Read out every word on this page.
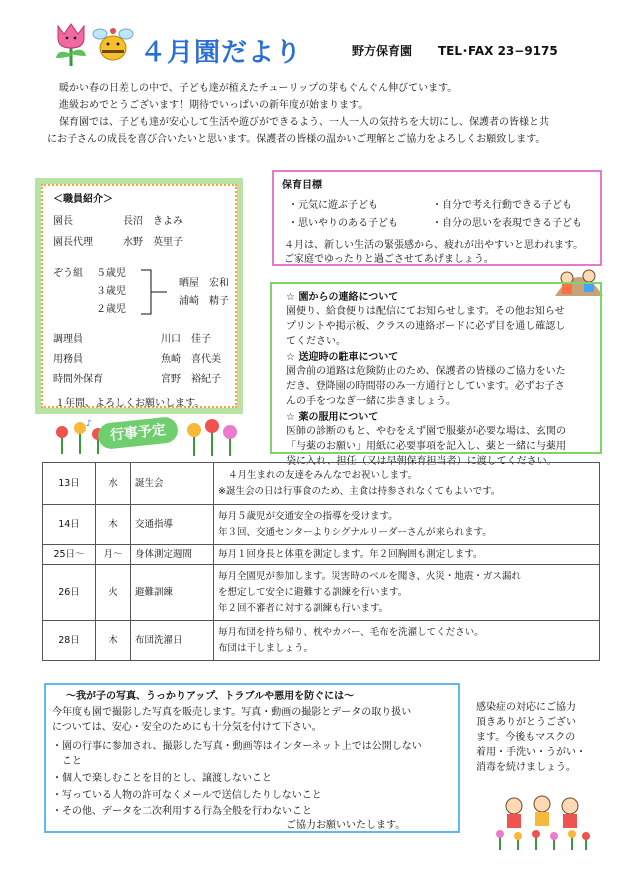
４月園だより	野方保育園 TEL･FAX 23−9175

暖かい春の日差しの中で、子ども達が植えたチューリップの芽もぐんぐん伸びています。

進級おめでとうございます！期待でいっぱいの新年度が始まります。

保育園では、子ども達が安心して生活や遊びができるよう、一人一人の気持ちを大切にし、保護者の皆様と共

にお子さんの成長を喜び合いたいと思います。保護者の皆様の温かいご理解とご協力をよろしくお願致します。

＜職員紹介＞
園長	長沼　きよみ
園長代理	水野　英里子
ぞう組 ５歳児
３歳児
２歳児
晒屋　宏和
浦崎　精子
調理員	川口　佳子
用務員	魚崎　喜代美
時間外保育	宮野　裕紀子
１年間、よろしくお願いします。
♪	行事予定
保育目標
・元気に遊ぶ子ども	・自分で考え行動できる子ども
・思いやりのある子ども	・自分の思いを表現できる子ども
４月は、新しい生活の緊張感から、疲れが出やすいと思われます。
ご家庭でゆったりと過ごさせてあげましょう。
☆ 園からの連絡について
園便り、給食便りは配信にてお知らせします。その他お知らせ
プリントや掲示板、クラスの連絡ボードに必ず目を通し確認し
てください。
☆ 送迎時の駐車について
園舎前の道路は危険防止のため、保護者の皆様のご協力をいた
だき、登降園の時間帯のみ一方通行としています。必ずお子さ
んの手をつなぎ一緒に歩きましょう。
☆ 薬の服用について
医師の診断のもと、やむをえず園で服薬が必要な場は、玄関の
「与薬のお願い」用紙に必要事項を記入し、薬と一緒に与薬用
袋に入れ、担任（又は早朝保育担当者）に渡してください。
13日	水	誕生会	４月生まれの友達をみんなでお祝いします。
※誕生会の日は行事食のため、主食は持参されなくてもよいです。

14日	木	交通指導	毎月５歳児が交通安全の指導を受けます。
年３回、交通センターよりシグナルリーダーさんが来られます。

25日～	月～	身体測定週間	毎月１回身長と体重を測定します。年２回胸囲も測定します。

26日	火	避難訓練	毎月全園児が参加します。災害時のベルを聞き、火災・地震・ガス漏れ
を想定して安全に避難する訓練を行います。
年２回不審者に対する訓練も行います。

28日	木	布団洗濯日	毎月布団を持ち帰り、枕やカバー、毛布を洗濯してください。
布団は干しましょう。
～我が子の写真、うっかりアップ、トラブルや悪用を防ぐには～
今年度も園で撮影した写真を販売します。写真・動画の撮影とデータの取り扱い
については、安心・安全のためにも十分気を付けて下さい。
・園の行事に参加され、撮影した写真・動画等はインターネット上では公開しない
　こと
・個人で楽しむことを目的とし、譲渡しないこと
・写っている人物の許可なくメールで送信したりしないこと
・その他、データを二次利用する行為全般を行わないこと
ご協力お願いいたします。
感染症の対応にご協力
頂きありがとうござい
ます。今後もマスクの
着用・手洗い・うがい・
消毒を続けましょう。
